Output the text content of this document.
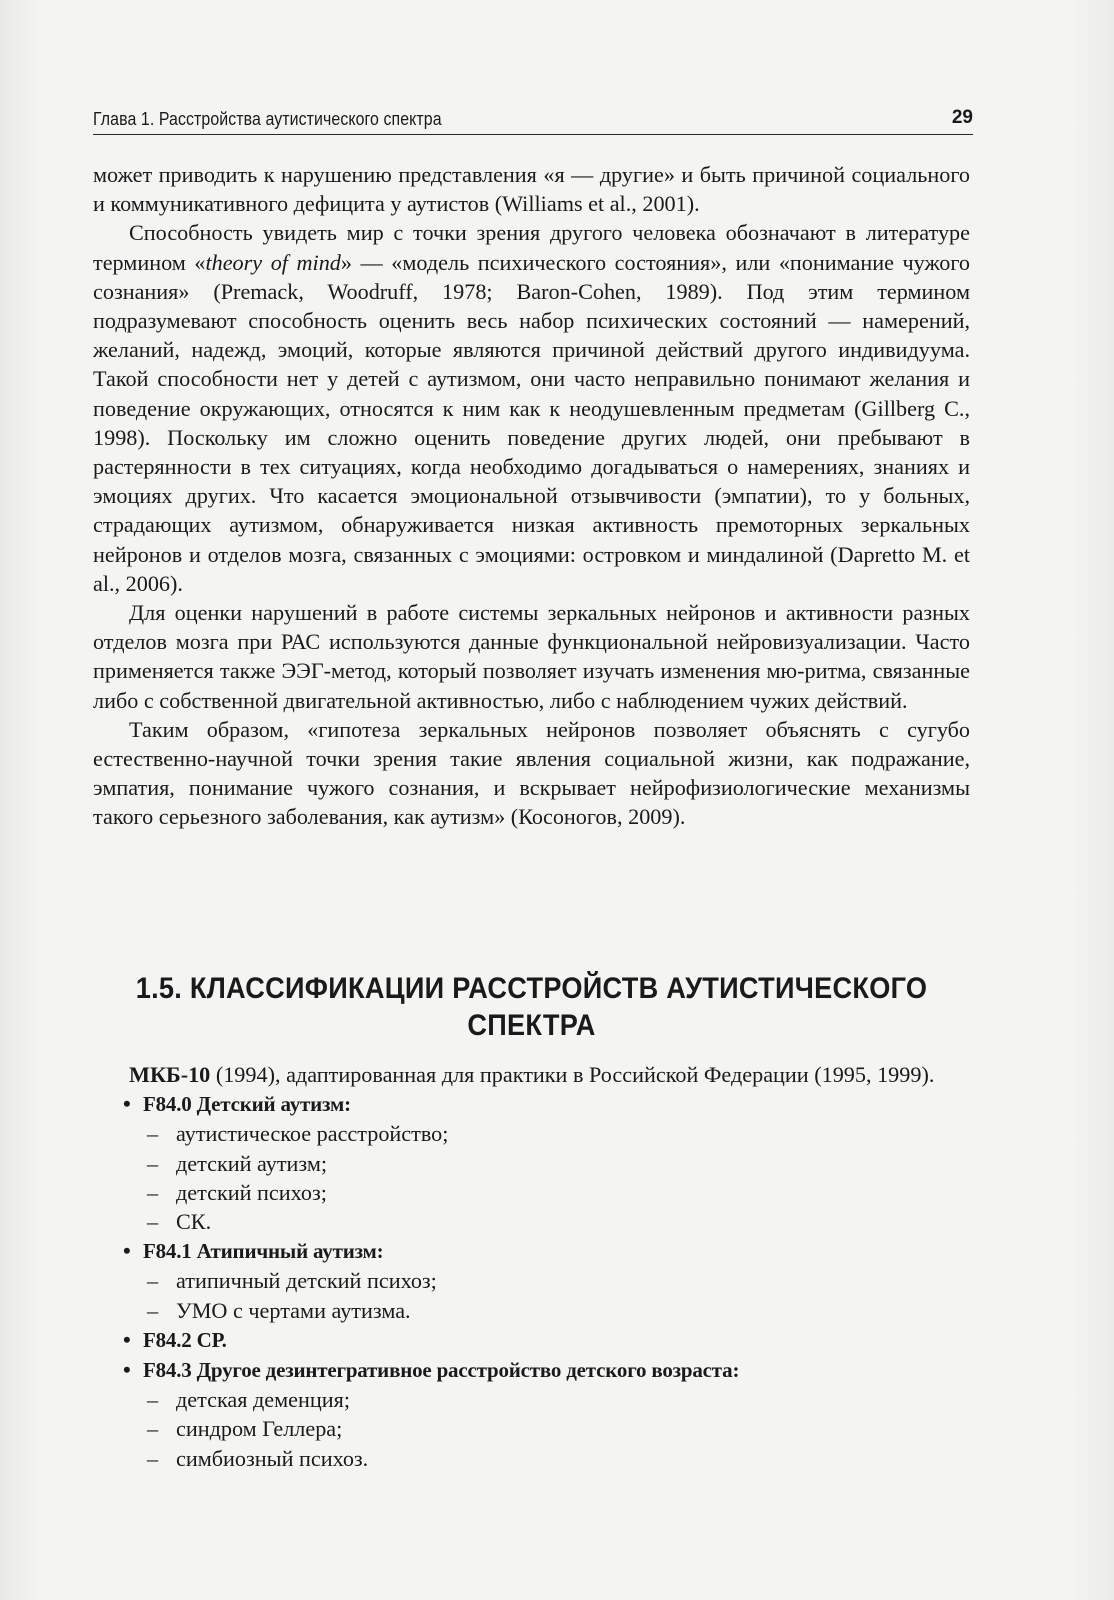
Глава 1. Расстройства аутистического спектра	29

может приводить к нарушению представления «я — другие» и быть причиной социального и коммуникативного дефицита у аутистов (Williams et al., 2001).

Способность увидеть мир с точки зрения другого человека обозначают в литературе термином «theory of mind» — «модель психического состояния», или «понимание чужого сознания» (Premack, Woodruff, 1978; Baron-Cohen, 1989). Под этим термином подразумевают способность оценить весь набор психических состояний — намерений, желаний, надежд, эмоций, которые являются причиной действий другого индивидуума. Такой способности нет у детей с аутизмом, они часто неправильно понимают желания и поведение окружающих, относятся к ним как к неодушевленным предметам (Gillberg C., 1998). Поскольку им сложно оценить поведение других людей, они пребывают в растерянности в тех ситуациях, когда необходимо догадываться о намерениях, знаниях и эмоциях других. Что касается эмоциональной отзывчивости (эмпатии), то у больных, страдающих аутизмом, обнаруживается низкая активность премоторных зеркальных нейронов и отделов мозга, связанных с эмоциями: островком и миндалиной (Dapretto M. et al., 2006).

Для оценки нарушений в работе системы зеркальных нейронов и активности разных отделов мозга при РАС используются данные функциональной нейровизуализации. Часто применяется также ЭЭГ-метод, который позволяет изучать изменения мю-ритма, связанные либо с собственной двигательной активностью, либо с наблюдением чужих действий.

Таким образом, «гипотеза зеркальных нейронов позволяет объяснять с сугубо естественно-научной точки зрения такие явления социальной жизни, как подражание, эмпатия, понимание чужого сознания, и вскрывает нейрофизиологические механизмы такого серьезного заболевания, как аутизм» (Коcоногов, 2009).

1.5. КЛАССИФИКАЦИИ РАССТРОЙСТВ АУТИСТИЧЕСКОГО
СПЕКТРА

МКБ-10 (1994), адаптированная для практики в Российской Федерации (1995, 1999).

• F84.0 Детский аутизм:
– аутистическое расстройство;
– детский аутизм;
– детский психоз;
– СК.
• F84.1 Атипичный аутизм:
– атипичный детский психоз;
– УМО с чертами аутизма.
• F84.2 СР.
• F84.3 Другое дезинтегративное расстройство детского возраста:
– детская деменция;
– синдром Геллера;
– симбиозный психоз.
